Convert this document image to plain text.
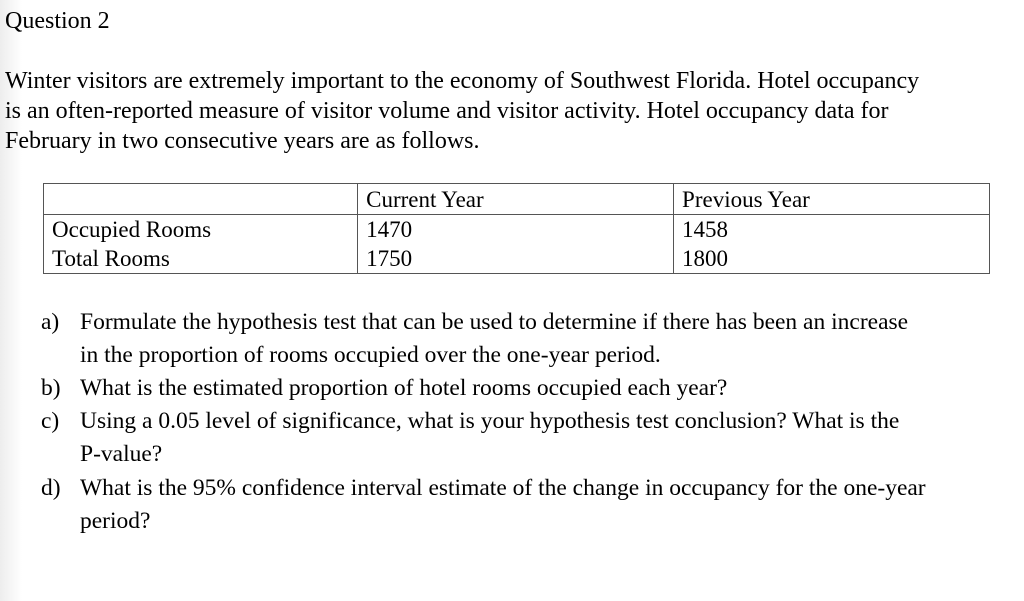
Question 2
Winter visitors are extremely important to the economy of Southwest Florida. Hotel occupancy
is an often-reported measure of visitor volume and visitor activity. Hotel occupancy data for
February in two consecutive years are as follows.
	Current Year	Previous Year
Occupied Rooms	1470	1458
Total Rooms	1750	1800
a) Formulate the hypothesis test that can be used to determine if there has been an increase
in the proportion of rooms occupied over the one-year period.
b) What is the estimated proportion of hotel rooms occupied each year?
c) Using a 0.05 level of significance, what is your hypothesis test conclusion? What is the
P-value?
d) What is the 95% confidence interval estimate of the change in occupancy for the one-year
period?
